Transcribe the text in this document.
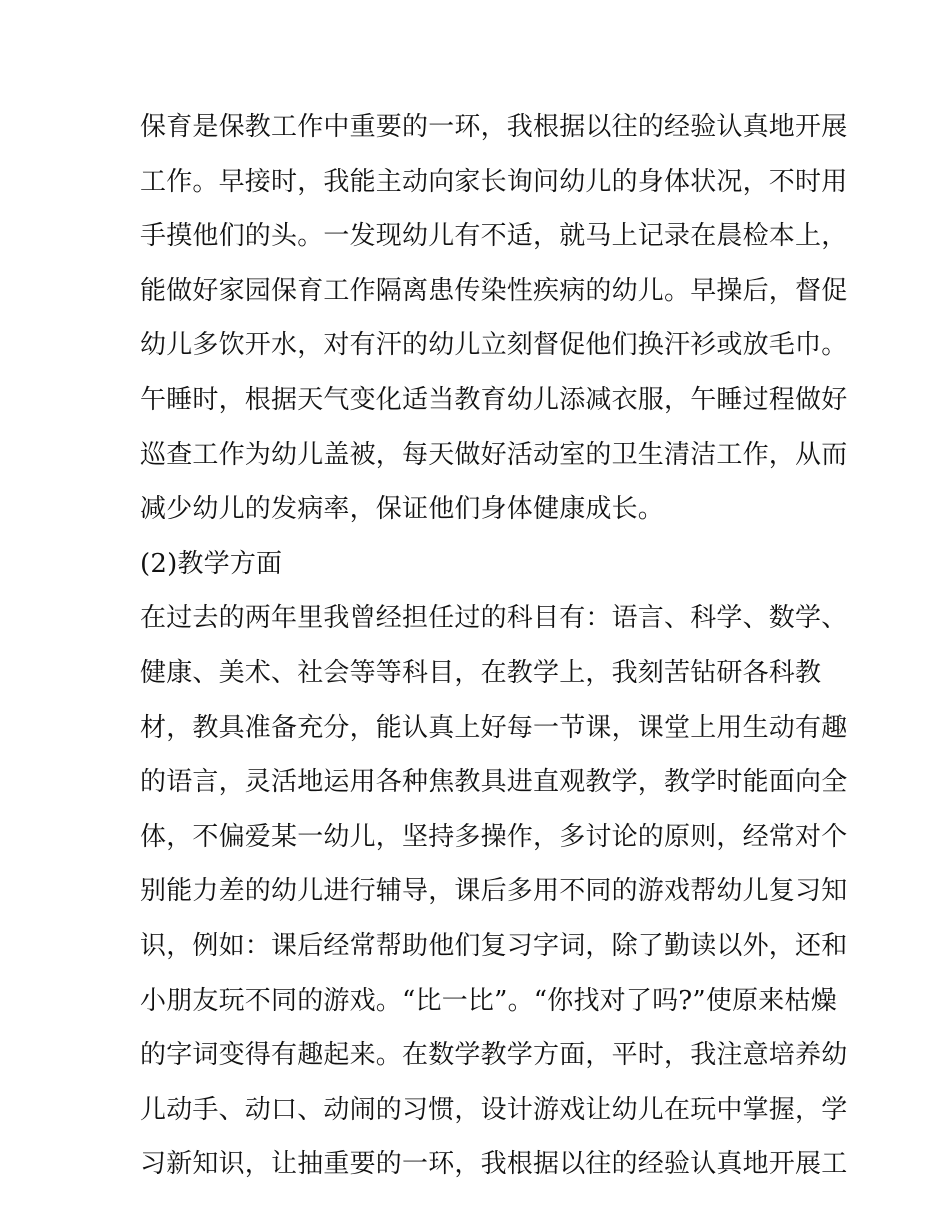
保育是保教工作中重要的一环，我根据以往的经验认真地开展
工作。早接时，我能主动向家长询问幼儿的身体状况，不时用
手摸他们的头。一发现幼儿有不适，就马上记录在晨检本上，
能做好家园保育工作隔离患传染性疾病的幼儿。早操后，督促
幼儿多饮开水，对有汗的幼儿立刻督促他们换汗衫或放毛巾。
午睡时，根据天气变化适当教育幼儿添减衣服，午睡过程做好
巡查工作为幼儿盖被，每天做好活动室的卫生清洁工作，从而
减少幼儿的发病率，保证他们身体健康成长。
(2)教学方面
在过去的两年里我曾经担任过的科目有：语言、科学、数学、
健康、美术、社会等等科目，在教学上，我刻苦钻研各科教
材，教具准备充分，能认真上好每一节课，课堂上用生动有趣
的语言，灵活地运用各种焦教具进直观教学，教学时能面向全
体，不偏爱某一幼儿，坚持多操作，多讨论的原则，经常对个
别能力差的幼儿进行辅导，课后多用不同的游戏帮幼儿复习知
识，例如：课后经常帮助他们复习字词，除了勤读以外，还和
小朋友玩不同的游戏。“比一比”。“你找对了吗?”使原来枯燥
的字词变得有趣起来。在数学教学方面，平时，我注意培养幼
儿动手、动口、动闹的习惯，设计游戏让幼儿在玩中掌握，学
习新知识，让抽重要的一环，我根据以往的经验认真地开展工
